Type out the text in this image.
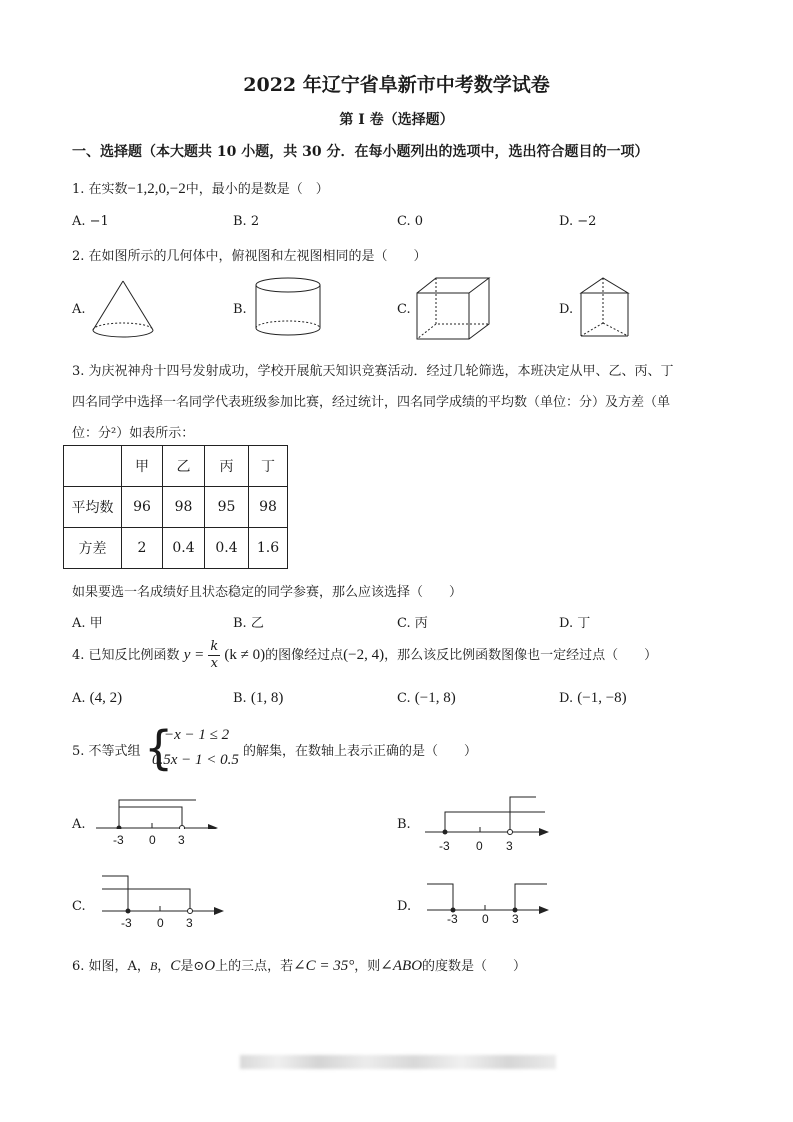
2022 年辽宁省阜新市中考数学试卷
第 I 卷（选择题）
一、选择题（本大题共 10 小题，共 30 分．在每小题列出的选项中，选出符合题目的一项）
1. 在实数−1,2,0,−2中，最小的是数是（　）
A. −1	B. 2	C. 0	D. −2
2. 在如图所示的几何体中，俯视图和左视图相同的是（　　）
A.	B.	C.	D.
3. 为庆祝神舟十四号发射成功，学校开展航天知识竞赛活动．经过几轮筛选，本班决定从甲、乙、丙、丁
四名同学中选择一名同学代表班级参加比赛，经过统计，四名同学成绩的平均数（单位：分）及方差（单
位：分²）如表所示：
	甲	乙	丙	丁
平均数	96	98	95	98
方差	2	0.4	0.4	1.6
如果要选一名成绩好且状态稳定的同学参赛，那么应该选择（　　）
A. 甲	B. 乙	C. 丙	D. 丁
4. 已知反比例函数 $y = \frac{k}{x} (k \ne 0)$的图像经过点(−2, 4)，那么该反比例函数图像也一定经过点（　　）
A. (4, 2)	B. (1, 8)	C. (−1, 8)	D. (−1, −8)
5. 不等式组 {
−x − 1 ≤ 2
0.5x − 1 < 0.5
的解集，在数轴上表示正确的是（　　）
A.
-3 0 3
B.
-3 0 3
C.
-3 0 3
D.
-3 0 3
6. 如图，A，B，C是⊙O上的三点，若∠C = 35°，则∠ABO的度数是（　　）
